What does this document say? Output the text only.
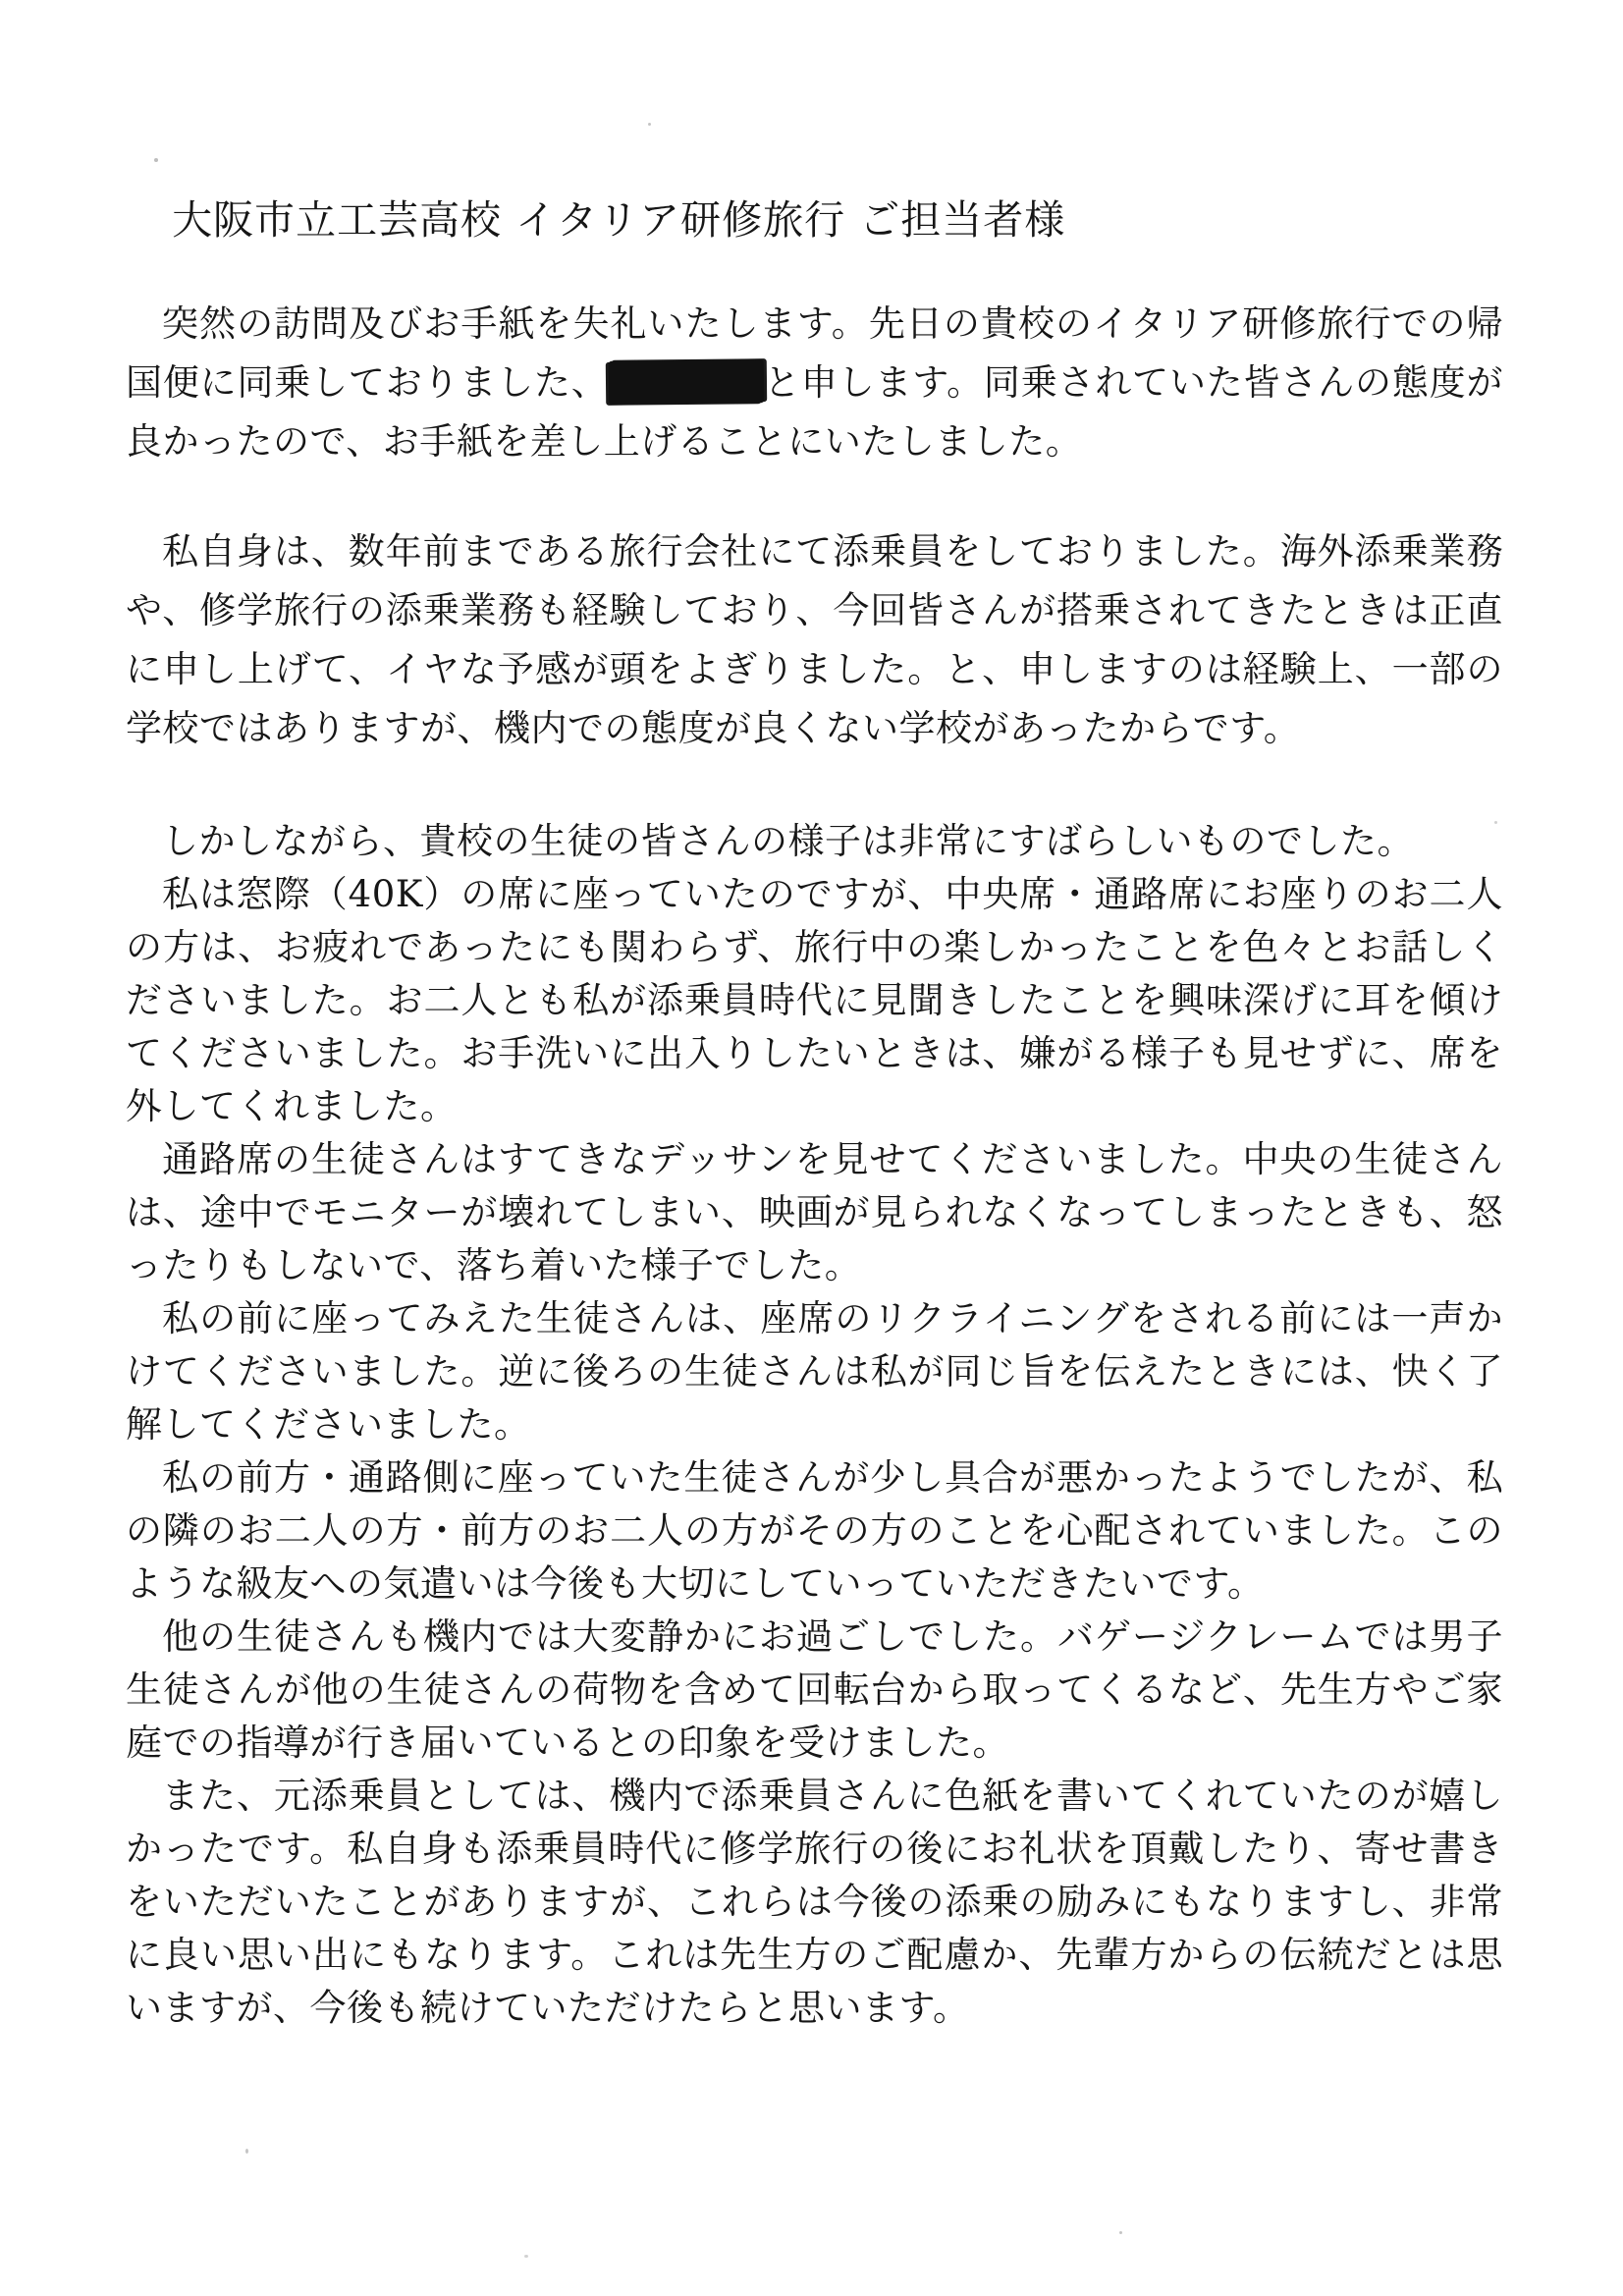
大阪市立工芸高校 イタリア研修旅行 ご担当者様

突然の訪問及びお手紙を失礼いたします。先日の貴校のイタリア研修旅行での帰国便に同乗しておりました、	と申します。同乗されていた皆さんの態度が良かったので、お手紙を差し上げることにいたしました。

私自身は、数年前まである旅行会社にて添乗員をしておりました。海外添乗業務や、修学旅行の添乗業務も経験しており、今回皆さんが搭乗されてきたときは正直に申し上げて、イヤな予感が頭をよぎりました。と、申しますのは経験上、一部の学校ではありますが、機内での態度が良くない学校があったからです。

しかしながら、貴校の生徒の皆さんの様子は非常にすばらしいものでした。

私は窓際（40K）の席に座っていたのですが、中央席・通路席にお座りのお二人の方は、お疲れであったにも関わらず、旅行中の楽しかったことを色々とお話しくださいました。お二人とも私が添乗員時代に見聞きしたことを興味深げに耳を傾けてくださいました。お手洗いに出入りしたいときは、嫌がる様子も見せずに、席を外してくれました。

通路席の生徒さんはすてきなデッサンを見せてくださいました。中央の生徒さんは、途中でモニターが壊れてしまい、映画が見られなくなってしまったときも、怒ったりもしないで、落ち着いた様子でした。

私の前に座ってみえた生徒さんは、座席のリクライニングをされる前には一声かけてくださいました。逆に後ろの生徒さんは私が同じ旨を伝えたときには、快く了解してくださいました。

私の前方・通路側に座っていた生徒さんが少し具合が悪かったようでしたが、私の隣のお二人の方・前方のお二人の方がその方のことを心配されていました。このような級友への気遣いは今後も大切にしていっていただきたいです。

他の生徒さんも機内では大変静かにお過ごしでした。バゲージクレームでは男子生徒さんが他の生徒さんの荷物を含めて回転台から取ってくるなど、先生方やご家庭での指導が行き届いているとの印象を受けました。

また、元添乗員としては、機内で添乗員さんに色紙を書いてくれていたのが嬉しかったです。私自身も添乗員時代に修学旅行の後にお礼状を頂戴したり、寄せ書きをいただいたことがありますが、これらは今後の添乗の励みにもなりますし、非常に良い思い出にもなります。これは先生方のご配慮か、先輩方からの伝統だとは思いますが、今後も続けていただけたらと思います。
